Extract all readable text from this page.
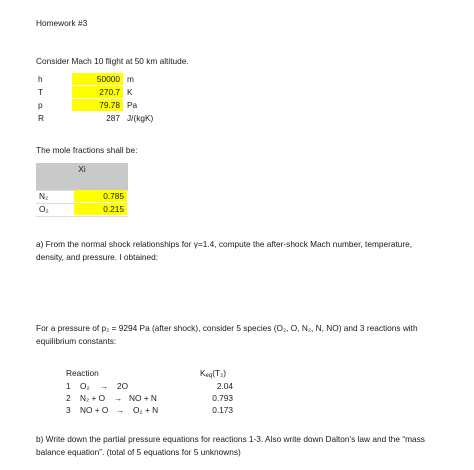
Homework #3
Consider Mach 10 flight at 50 km altitude.
h	50000 m
T	270.7 K
p	79.78 Pa
R	287 J/(kgK)
The mole fractions shall be:
Xi
N₂	0.785
O₂	0.215
a) From the normal shock relationships for γ=1.4, compute the after-shock Mach number, temperature, density, and pressure. I obtained:
For a pressure of p₂ = 9294 Pa (after shock), consider 5 species (O₂, O, N₂, N, NO) and 3 reactions with equilibrium constants:
Reaction	$K_{eq}(T_2)$
1 O₂ → 2O	2.04
2 N₂ + O → NO + N	0.793
3 NO + O → O₂ + N	0.173
b) Write down the partial pressure equations for reactions 1-3. Also write down Dalton’s law and the “mass balance equation”. (total of 5 equations for 5 unknowns)
